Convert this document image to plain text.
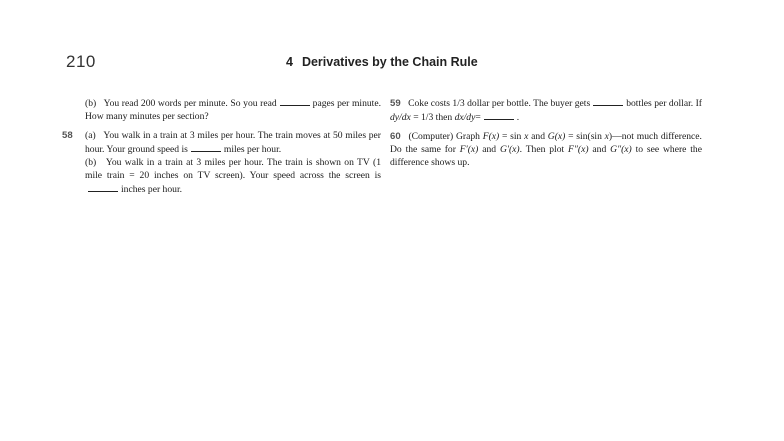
210	4 Derivatives by the Chain Rule
(b) You read 200 words per minute. So you read	pages per minute. How many minutes per section?
58 (a) You walk in a train at 3 miles per hour. The train moves at 50 miles per hour. Your ground speed is	miles per hour.
(b) You walk in a train at 3 miles per hour. The train is shown on TV (1 mile train = 20 inches on TV screen). Your speed across the screen isinches per hour.
59 Coke costs 1/3 dollar per bottle. The buyer gets	bottles per dollar. If dy/dx = 1/3 then dx/dy=	.
60 (Computer) Graph F(x) = sin x and G(x) = sin(sin x)—not much difference. Do the same for F′(x) and G′(x). Then plot F″(x) and G″(x) to see where the difference shows up.
